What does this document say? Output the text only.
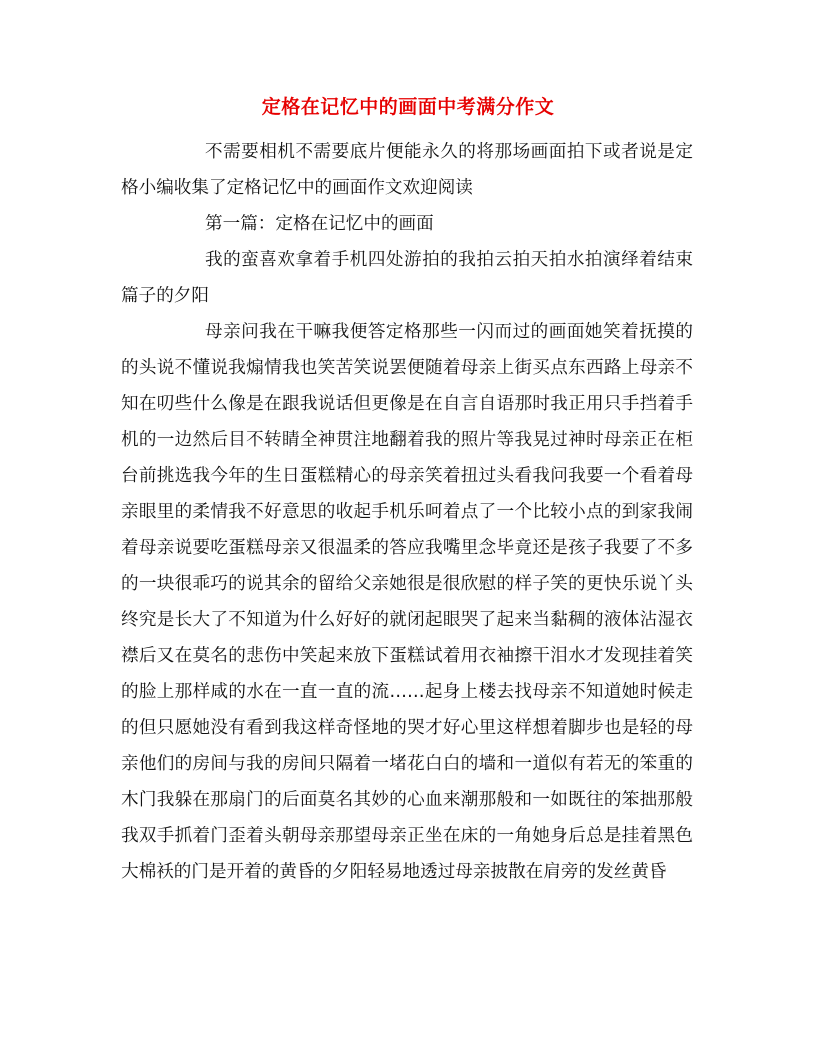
定格在记忆中的画面中考满分作文

不需要相机不需要底片便能永久的将那场画面拍下或者说是定格小编收集了定格记忆中的画面作文欢迎阅读

第一篇：定格在记忆中的画面

我的蛮喜欢拿着手机四处游拍的我拍云拍天拍水拍演绎着结束篇子的夕阳

母亲问我在干嘛我便答定格那些一闪而过的画面她笑着抚摸的的头说不懂说我煽情我也笑苦笑说罢便随着母亲上街买点东西路上母亲不知在叨些什么像是在跟我说话但更像是在自言自语那时我正用只手挡着手机的一边然后目不转睛全神贯注地翻着我的照片等我晃过神时母亲正在柜台前挑选我今年的生日蛋糕精心的母亲笑着扭过头看我问我要一个看着母亲眼里的柔情我不好意思的收起手机乐呵着点了一个比较小点的到家我闹着母亲说要吃蛋糕母亲又很温柔的答应我嘴里念毕竟还是孩子我要了不多的一块很乖巧的说其余的留给父亲她很是很欣慰的样子笑的更快乐说丫头终究是长大了不知道为什么好好的就闭起眼哭了起来当黏稠的液体沾湿衣襟后又在莫名的悲伤中笑起来放下蛋糕试着用衣袖擦干泪水才发现挂着笑的脸上那样咸的水在一直一直的流……起身上楼去找母亲不知道她时候走的但只愿她没有看到我这样奇怪地的哭才好心里这样想着脚步也是轻的母亲他们的房间与我的房间只隔着一堵花白白的墙和一道似有若无的笨重的木门我躲在那扇门的后面莫名其妙的心血来潮那般和一如既往的笨拙那般我双手抓着门歪着头朝母亲那望母亲正坐在床的一角她身后总是挂着黑色大棉袄的门是开着的黄昏的夕阳轻易地透过母亲披散在肩旁的发丝黄昏
